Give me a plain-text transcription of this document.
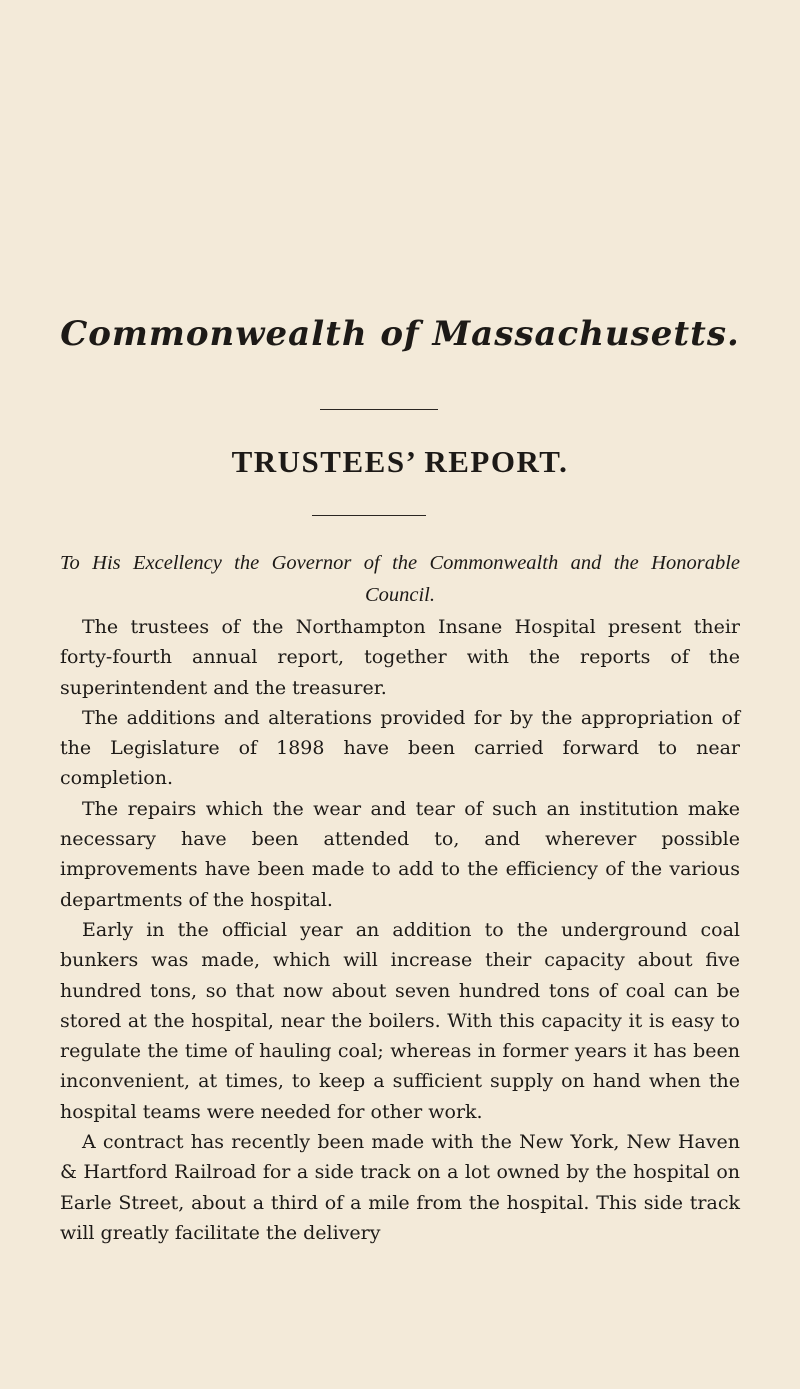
Commonwealth of Massachusetts.
TRUSTEES’ REPORT.
To His Excellency the Governor of the Commonwealth and the Honorable
Council.

The trustees of the Northampton Insane Hospital present their forty-fourth annual report, together with the reports of the superintendent and the treasurer.

The additions and alterations provided for by the appropriation of the Legislature of 1898 have been carried forward to near completion.

The repairs which the wear and tear of such an institution make necessary have been attended to, and wherever possible improvements have been made to add to the efficiency of the various departments of the hospital.

Early in the official year an addition to the underground coal bunkers was made, which will increase their capacity about five hundred tons, so that now about seven hundred tons of coal can be stored at the hospital, near the boilers. With this capacity it is easy to regulate the time of hauling coal; whereas in former years it has been inconvenient, at times, to keep a sufficient supply on hand when the hospital teams were needed for other work.

A contract has recently been made with the New York, New Haven & Hartford Railroad for a side track on a lot owned by the hospital on Earle Street, about a third of a mile from the hospital. This side track will greatly facilitate the delivery
